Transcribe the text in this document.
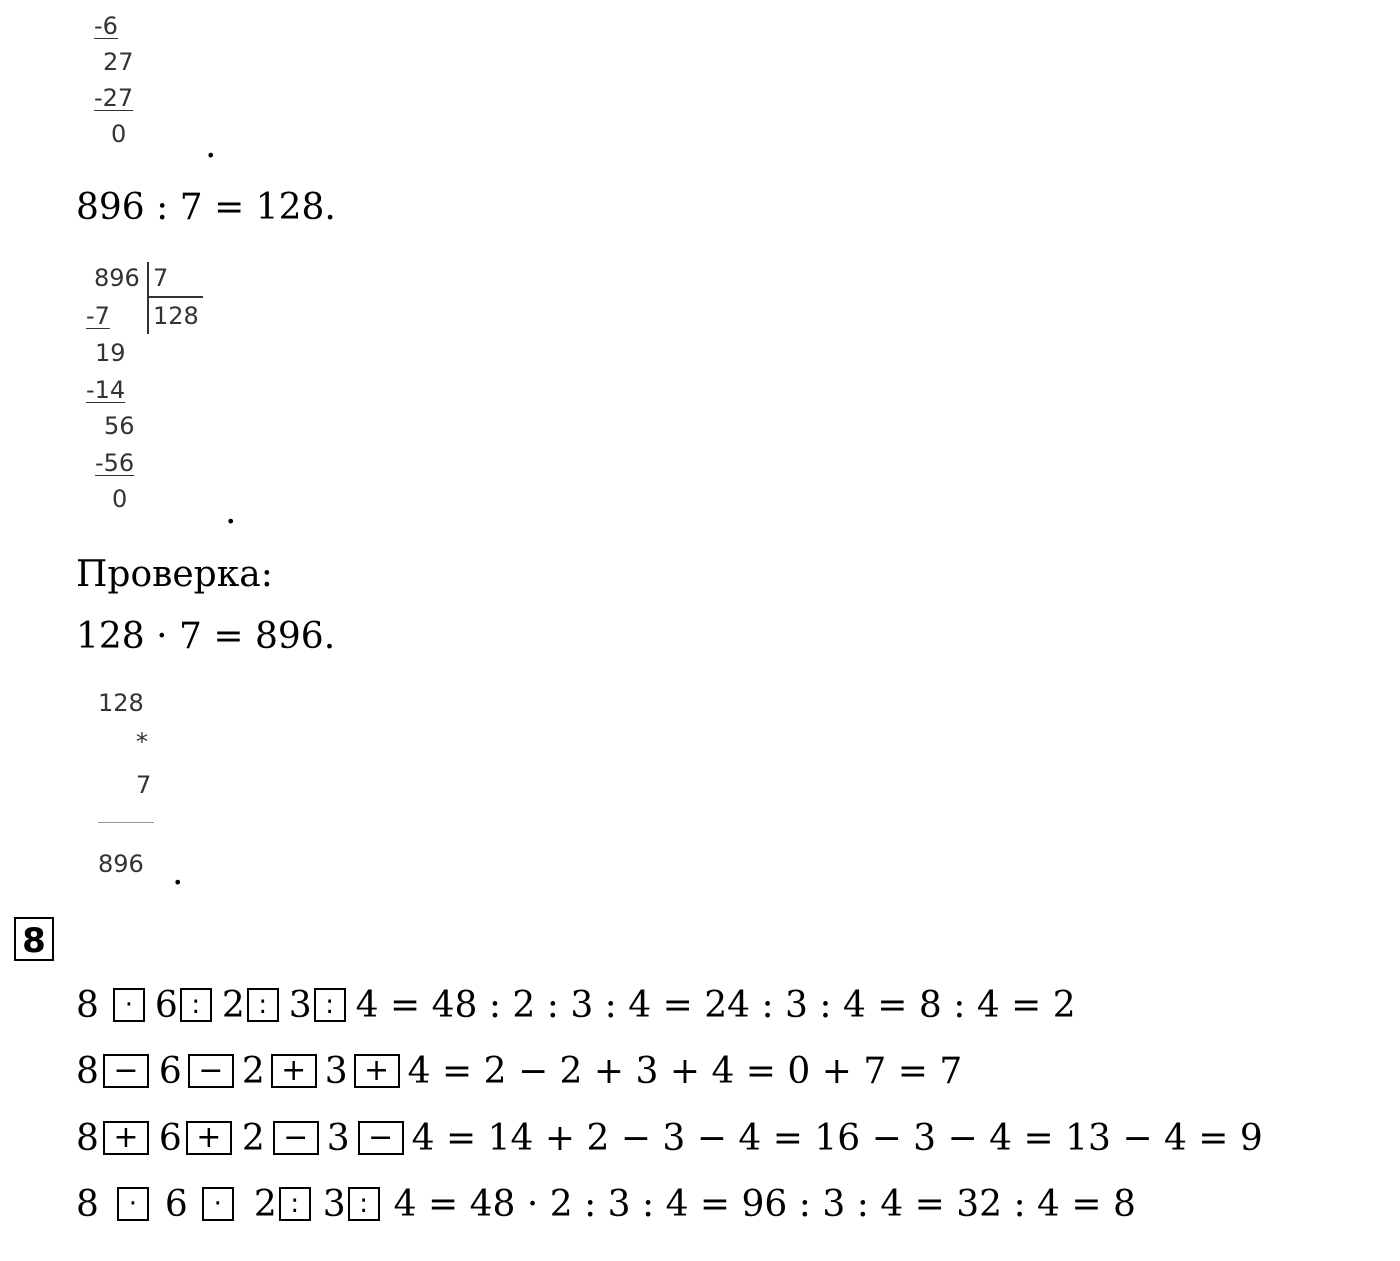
-6
27
-27
0 .
896 : 7 = 128.
896 7
128
-7
19
-14
56
-56
0	.
Проверка:
128 · 7 = 896.
128
*
7
896 .
8
8 · 6 : 2 : 3 : 4 = 48 : 2 : 3 : 4 = 24 : 3 : 4 = 8 : 4 = 2
8 − 6 − 2 + 3 + 4 = 2 − 2 + 3 + 4 = 0 + 7 = 7
8 + 6 + 2 − 3 − 4 = 14 + 2 − 3 − 4 = 16 − 3 − 4 = 13 − 4 = 9
8	· 6 · 2 : 3 : 4 = 48 · 2 : 3 : 4 = 96 : 3 : 4 = 32 : 4 = 8
